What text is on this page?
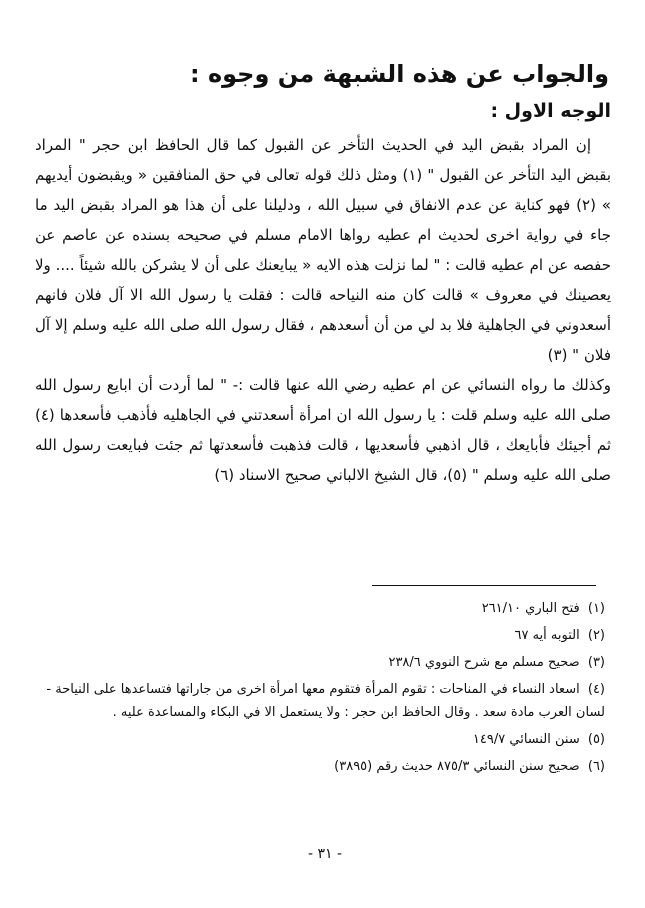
والجواب عن هذه الشبهة من وجوه :
الوجه الاول :

إن المراد بقبض اليد في الحديث التأخر عن القبول كما قال الحافظ ابن حجر " المراد بقبض اليد التأخر عن القبول " (١) ومثل ذلك قوله تعالى في حق المنافقين « ويقبضون أيديهم » (٢) فهو كناية عن عدم الانفاق في سبيل الله ، ودليلنا على أن هذا هو المراد بقبض اليد ما جاء في رواية اخرى لحديث ام عطيه رواها الامام مسلم في صحيحه بسنده عن عاصم عن حفصه عن ام عطيه قالت : " لما نزلت هذه الايه « يبايعنك على أن لا يشركن بالله شيئاً .... ولا يعصينك في معروف » قالت كان منه النياحه قالت : فقلت يا رسول الله الا آل فلان فانهم أسعدوني في الجاهلية فلا بد لي من أن أسعدهم ، فقال رسول الله صلى الله عليه وسلم إلا آل فلان " (٣)

وكذلك ما رواه النسائي عن ام عطيه رضي الله عنها قالت :- " لما أردت أن ابايع رسول الله صلى الله عليه وسلم قلت : يا رسول الله ان امرأة أسعدتني في الجاهليه فأذهب فأسعدها (٤) ثم أجيئك فأبايعك ، قال اذهبي فأسعديها ، قالت فذهبت فأسعدتها ثم جئت فبايعت رسول الله صلى الله عليه وسلم " (٥)، قال الشيخ الالباني صحيح الاسناد (٦)

(١) فتح الباري ٢٦١/١٠
(٢) التوبه أيه ٦٧
(٣) صحيح مسلم مع شرح النووي ٢٣٨/٦
(٤) اسعاد النساء في المناحات : تقوم المرأة فتقوم معها امرأة اخرى من جاراتها فتساعدها على النياحة - لسان العرب مادة سعد . وقال الحافظ ابن حجر : ولا يستعمل الا في البكاء والمساعدة عليه .
(٥) سنن النسائي ١٤٩/٧
(٦) صحيح سنن النسائي ٨٧٥/٣ حديث رقم (٣٨٩٥)
- ٣١ -
